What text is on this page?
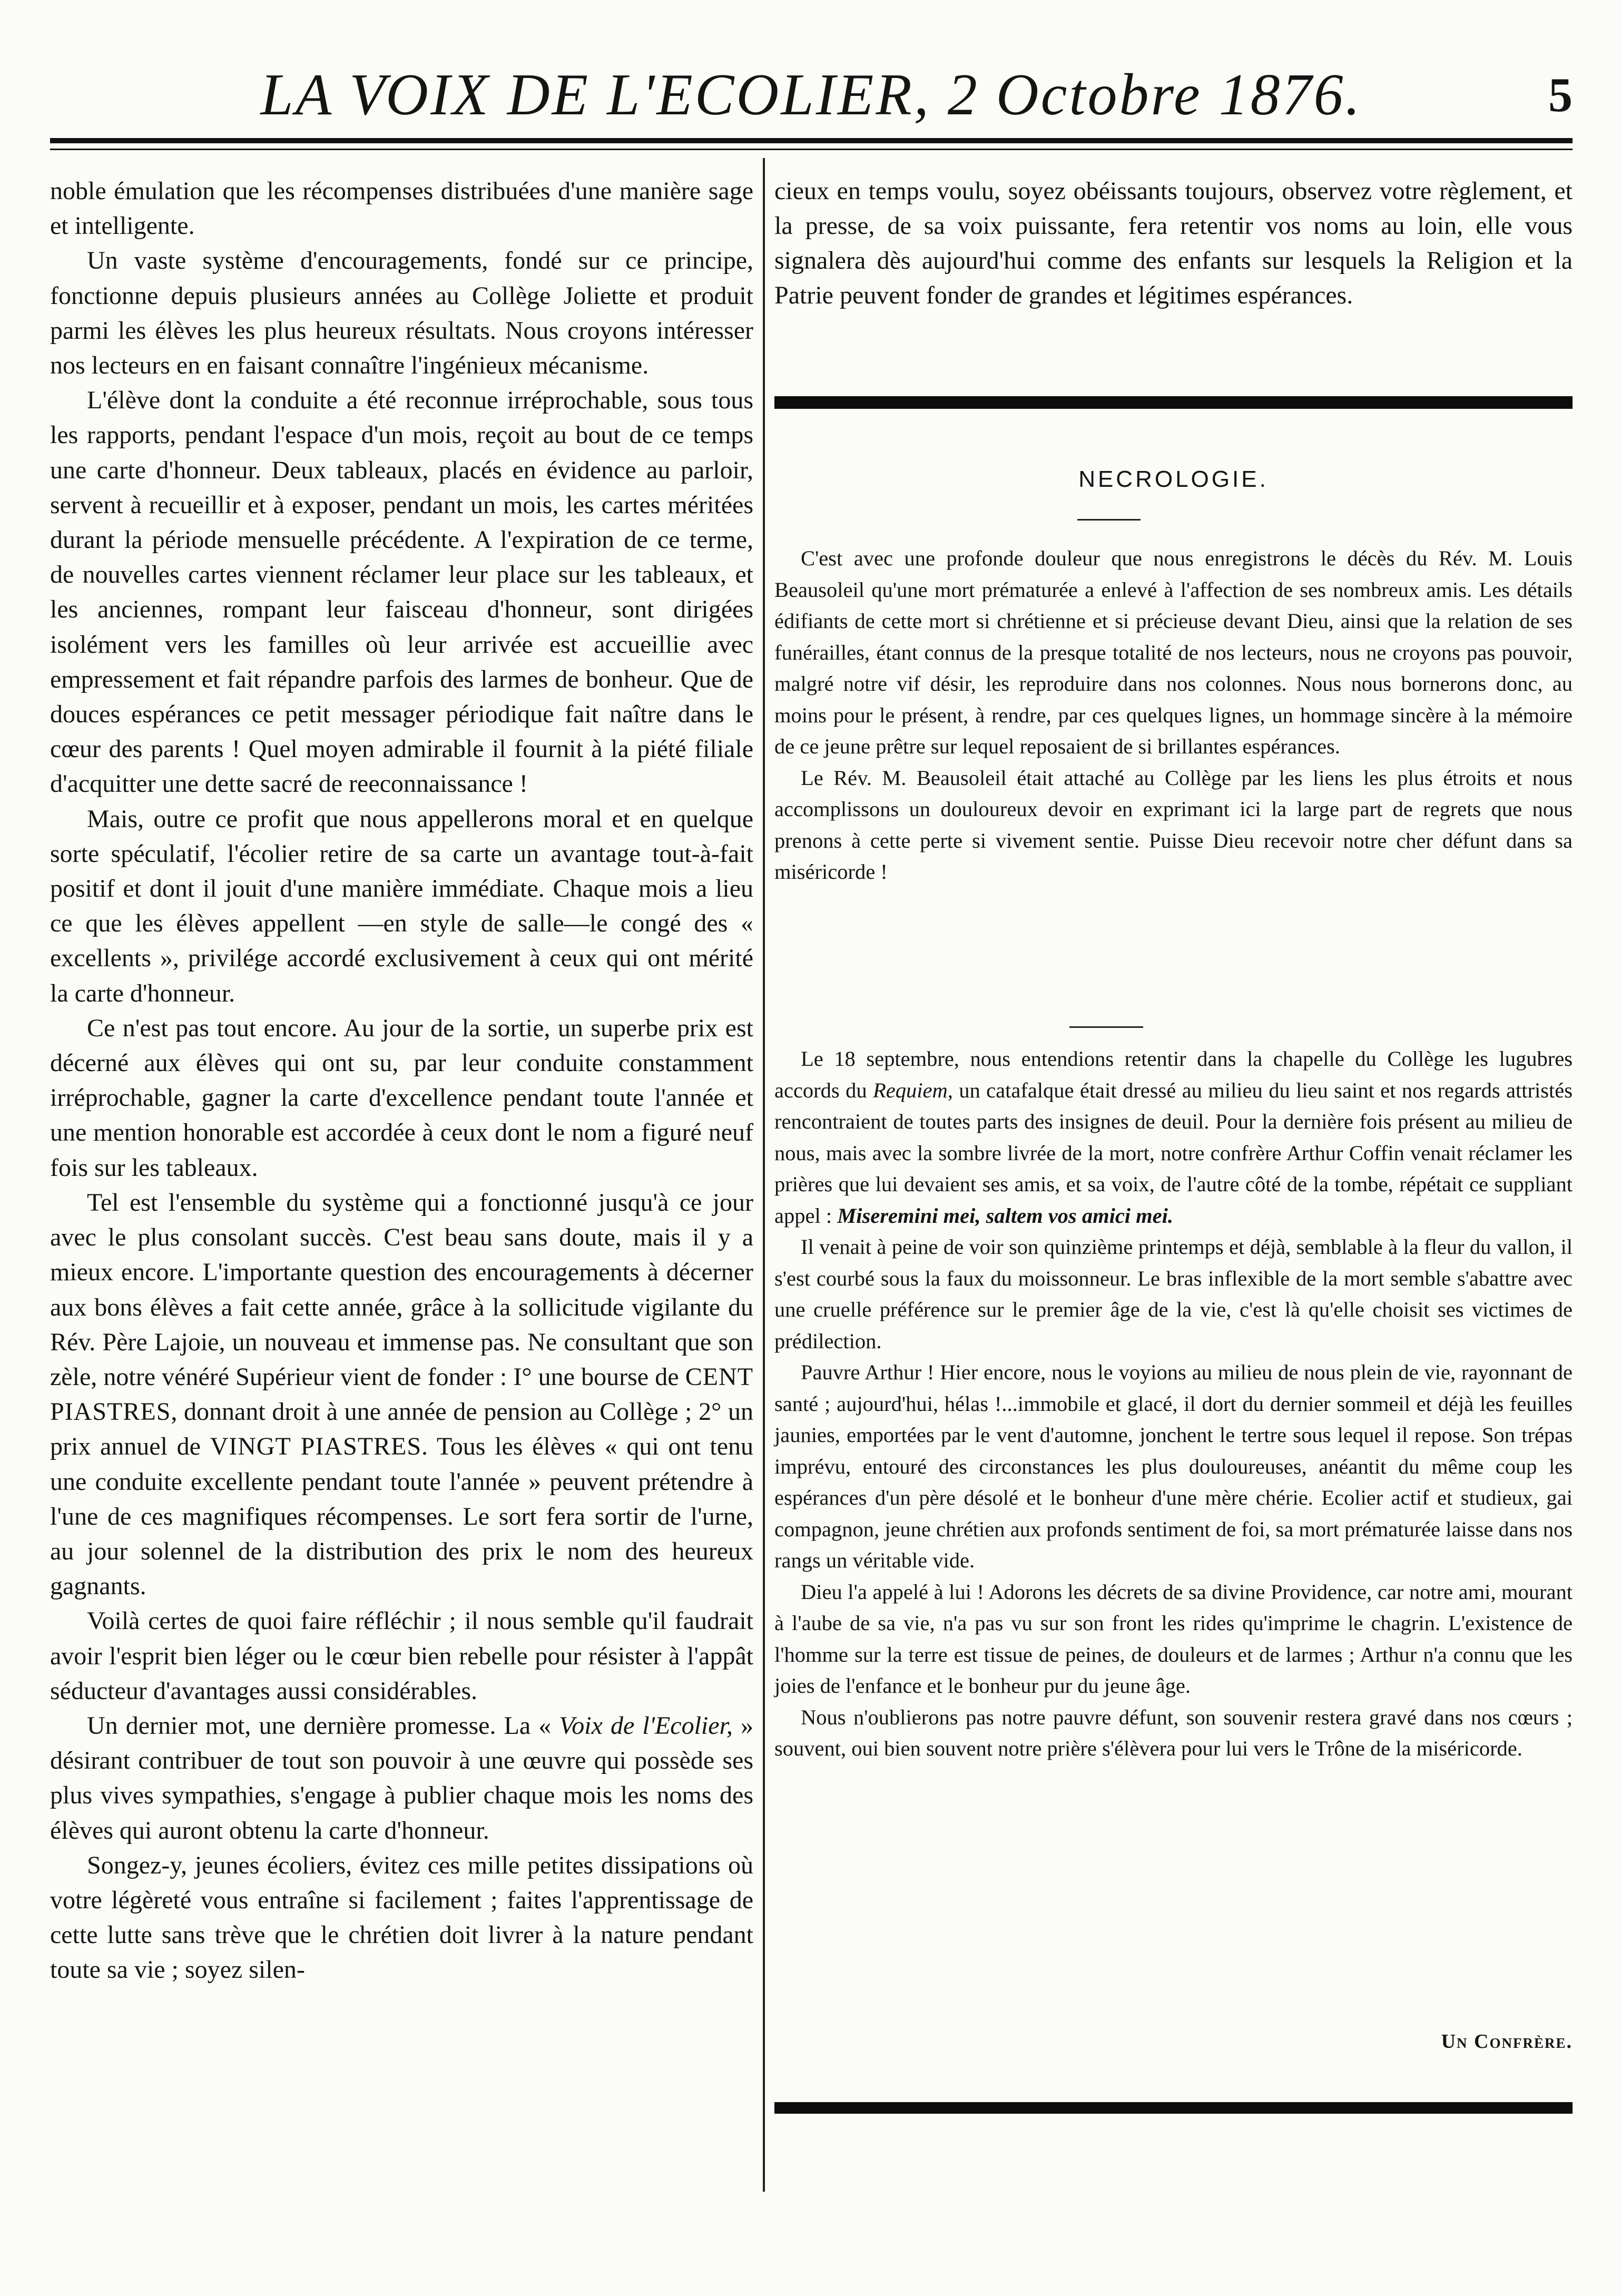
LA VOIX DE L'ECOLIER, 2 Octobre 1876.	5

noble émulation que les récompenses distribuées d'une manière sage et intelligente.

Un vaste système d'encouragements, fondé sur ce principe, fonctionne depuis plusieurs années au Collège Joliette et produit parmi les élèves les plus heureux résultats. Nous croyons intéresser nos lecteurs en en faisant connaître l'ingénieux mécanisme.

L'élève dont la conduite a été reconnue irréprochable, sous tous les rapports, pendant l'espace d'un mois, reçoit au bout de ce temps une carte d'honneur. Deux tableaux, placés en évidence au parloir, servent à recueillir et à exposer, pendant un mois, les cartes méritées durant la période mensuelle précédente. A l'expiration de ce terme, de nouvelles cartes viennent réclamer leur place sur les tableaux, et les anciennes, rompant leur faisceau d'honneur, sont dirigées isolément vers les familles où leur arrivée est accueillie avec empressement et fait répandre parfois des larmes de bonheur. Que de douces espérances ce petit messager périodique fait naître dans le cœur des parents ! Quel moyen admirable il fournit à la piété filiale d'acquitter une dette sacré de reeconnaissance !

Mais, outre ce profit que nous appellerons moral et en quelque sorte spéculatif, l'écolier retire de sa carte un avantage tout-à-fait positif et dont il jouit d'une manière immédiate. Chaque mois a lieu ce que les élèves appellent —en style de salle—le congé des « excellents », privilége accordé exclusivement à ceux qui ont mérité la carte d'honneur.

Ce n'est pas tout encore. Au jour de la sortie, un superbe prix est décerné aux élèves qui ont su, par leur conduite constamment irréprochable, gagner la carte d'excellence pendant toute l'année et une mention honorable est accordée à ceux dont le nom a figuré neuf fois sur les tableaux.

Tel est l'ensemble du système qui a fonctionné jusqu'à ce jour avec le plus consolant succès. C'est beau sans doute, mais il y a mieux encore. L'importante question des encouragements à décerner aux bons élèves a fait cette année, grâce à la sollicitude vigilante du Rév. Père Lajoie, un nouveau et immense pas. Ne consultant que son zèle, notre vénéré Supérieur vient de fonder : I° une bourse de CENT PIASTRES, donnant droit à une année de pension au Collège ; 2° un prix annuel de VINGT PIASTRES. Tous les élèves « qui ont tenu une conduite excellente pendant toute l'année » peuvent prétendre à l'une de ces magnifiques récompenses. Le sort fera sortir de l'urne, au jour solennel de la distribution des prix le nom des heureux gagnants.

Voilà certes de quoi faire réfléchir ; il nous semble qu'il faudrait avoir l'esprit bien léger ou le cœur bien rebelle pour résister à l'appât séducteur d'avantages aussi considérables.

Un dernier mot, une dernière promesse. La « Voix de l'Ecolier, » désirant contribuer de tout son pouvoir à une œuvre qui possède ses plus vives sympathies, s'engage à publier chaque mois les noms des élèves qui auront obtenu la carte d'honneur.

Songez-y, jeunes écoliers, évitez ces mille petites dissipations où votre légèreté vous entraîne si facilement ; faites l'apprentissage de cette lutte sans trève que le chrétien doit livrer à la nature pendant toute sa vie ; soyez silen-

cieux en temps voulu, soyez obéissants toujours, observez votre règlement, et la presse, de sa voix puissante, fera retentir vos noms au loin, elle vous signalera dès aujourd'hui comme des enfants sur lesquels la Religion et la Patrie peuvent fonder de grandes et légitimes espérances.

NECROLOGIE.

C'est avec une profonde douleur que nous enregistrons le décès du Rév. M. Louis Beausoleil qu'une mort prématurée a enlevé à l'affection de ses nombreux amis. Les détails édifiants de cette mort si chrétienne et si précieuse devant Dieu, ainsi que la relation de ses funérailles, étant connus de la presque totalité de nos lecteurs, nous ne croyons pas pouvoir, malgré notre vif désir, les reproduire dans nos colonnes. Nous nous bornerons donc, au moins pour le présent, à rendre, par ces quelques lignes, un hommage sincère à la mémoire de ce jeune prêtre sur lequel reposaient de si brillantes espérances.

Le Rév. M. Beausoleil était attaché au Collège par les liens les plus étroits et nous accomplissons un douloureux devoir en exprimant ici la large part de regrets que nous prenons à cette perte si vivement sentie. Puisse Dieu recevoir notre cher défunt dans sa miséricorde !

Le 18 septembre, nous entendions retentir dans la chapelle du Collège les lugubres accords du Requiem, un catafalque était dressé au milieu du lieu saint et nos regards attristés rencontraient de toutes parts des insignes de deuil. Pour la dernière fois présent au milieu de nous, mais avec la sombre livrée de la mort, notre confrère Arthur Coffin venait réclamer les prières que lui devaient ses amis, et sa voix, de l'autre côté de la tombe, répétait ce suppliant appel : Miseremini mei, saltem vos amici mei.

Il venait à peine de voir son quinzième printemps et déjà, semblable à la fleur du vallon, il s'est courbé sous la faux du moissonneur. Le bras inflexible de la mort semble s'abattre avec une cruelle préférence sur le premier âge de la vie, c'est là qu'elle choisit ses victimes de prédilection.

Pauvre Arthur ! Hier encore, nous le voyions au milieu de nous plein de vie, rayonnant de santé ; aujourd'hui, hélas !...immobile et glacé, il dort du dernier sommeil et déjà les feuilles jaunies, emportées par le vent d'automne, jonchent le tertre sous lequel il repose. Son trépas imprévu, entouré des circonstances les plus douloureuses, anéantit du même coup les espérances d'un père désolé et le bonheur d'une mère chérie. Ecolier actif et studieux, gai compagnon, jeune chrétien aux profonds sentiment de foi, sa mort prématurée laisse dans nos rangs un véritable vide.

Dieu l'a appelé à lui ! Adorons les décrets de sa divine Providence, car notre ami, mourant à l'aube de sa vie, n'a pas vu sur son front les rides qu'imprime le chagrin. L'existence de l'homme sur la terre est tissue de peines, de douleurs et de larmes ; Arthur n'a connu que les joies de l'enfance et le bonheur pur du jeune âge.

Nous n'oublierons pas notre pauvre défunt, son souvenir restera gravé dans nos cœurs ; souvent, oui bien souvent notre prière s'élèvera pour lui vers le Trône de la miséricorde.

Un Confrère.
